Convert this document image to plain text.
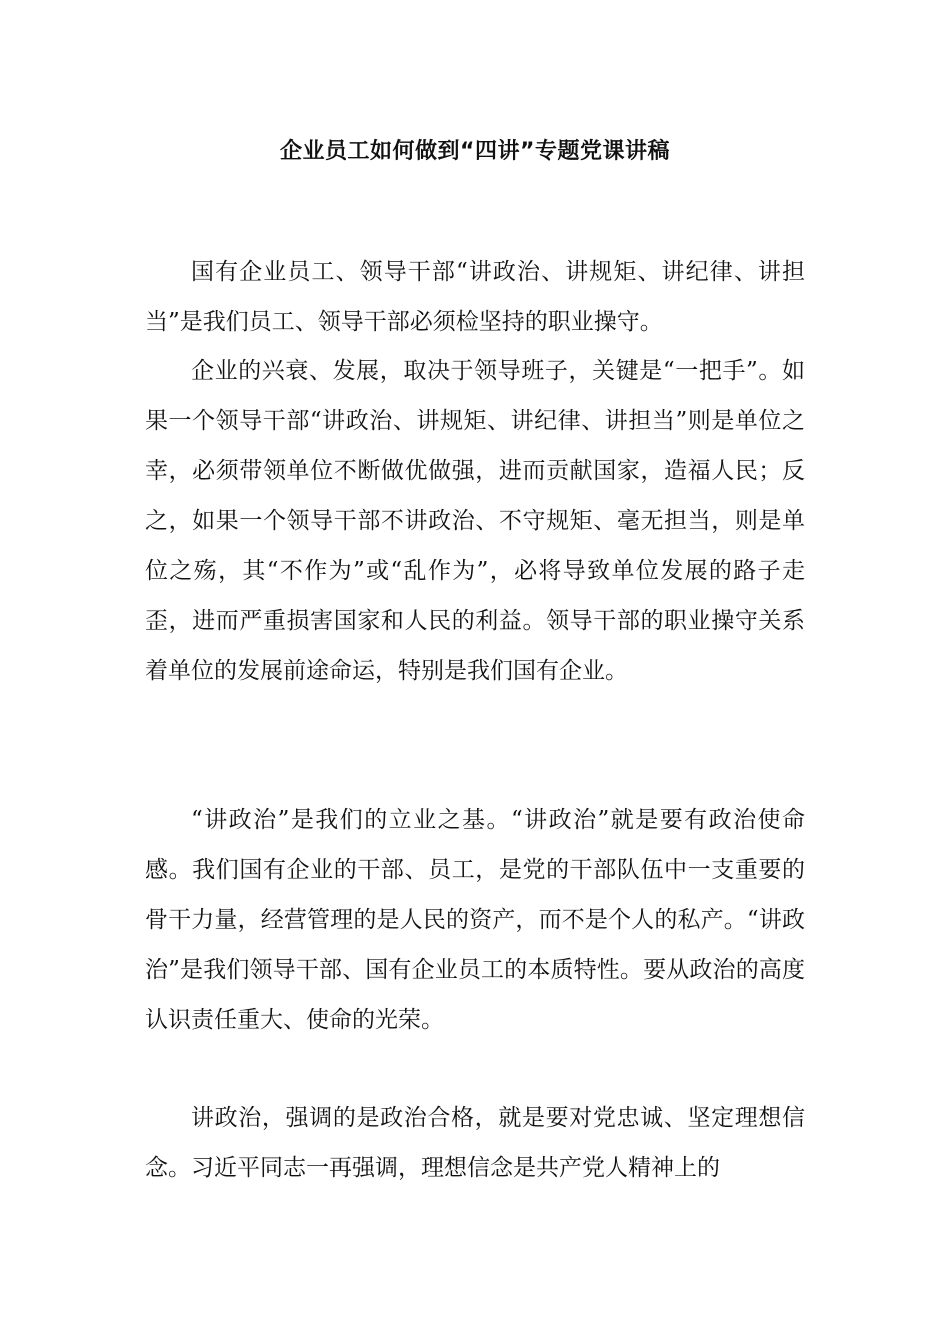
企业员工如何做到“四讲”专题党课讲稿

国有企业员工、领导干部“讲政治、讲规矩、讲纪律、讲担当”是我们员工、领导干部必须检坚持的职业操守。

企业的兴衰、发展，取决于领导班子，关键是“一把手”。如果一个领导干部“讲政治、讲规矩、讲纪律、讲担当”则是单位之幸，必须带领单位不断做优做强，进而贡献国家，造福人民；反之，如果一个领导干部不讲政治、不守规矩、毫无担当，则是单位之殇，其“不作为”或“乱作为”，必将导致单位发展的路子走歪，进而严重损害国家和人民的利益。领导干部的职业操守关系着单位的发展前途命运，特别是我们国有企业。

“讲政治”是我们的立业之基。“讲政治”就是要有政治使命感。我们国有企业的干部、员工，是党的干部队伍中一支重要的骨干力量，经营管理的是人民的资产，而不是个人的私产。“讲政治”是我们领导干部、国有企业员工的本质特性。要从政治的高度认识责任重大、使命的光荣。

讲政治，强调的是政治合格，就是要对党忠诚、坚定理想信念。习近平同志一再强调，理想信念是共产党人精神上的
